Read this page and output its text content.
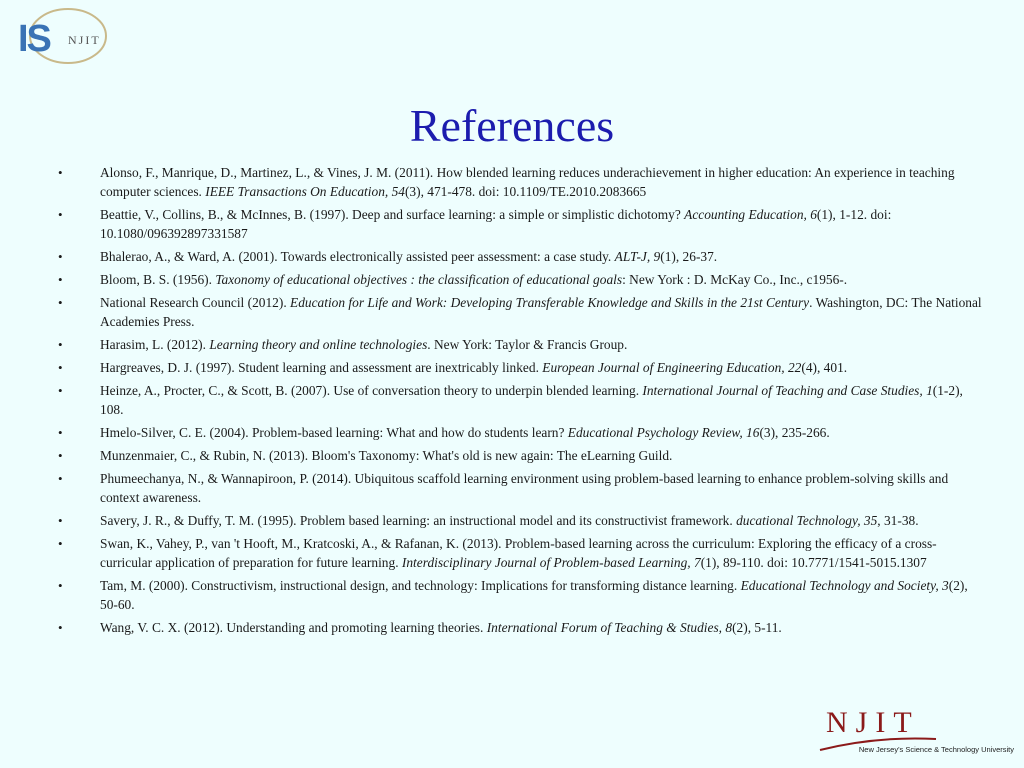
IS NJIT
References
•	Alonso, F., Manrique, D., Martinez, L., & Vines, J. M. (2011). How blended learning reduces underachievement in higher education: An experience in teaching computer sciences. IEEE Transactions On Education, 54(3), 471-478. doi: 10.1109/TE.2010.2083665
•	Beattie, V., Collins, B., & McInnes, B. (1997). Deep and surface learning: a simple or simplistic dichotomy? Accounting Education, 6(1), 1-12. doi: 10.1080/096392897331587
•	Bhalerao, A., & Ward, A. (2001). Towards electronically assisted peer assessment: a case study. ALT-J, 9(1), 26-37.
•	Bloom, B. S. (1956). Taxonomy of educational objectives : the classification of educational goals: New York : D. McKay Co., Inc., c1956-.
•	National Research Council (2012). Education for Life and Work: Developing Transferable Knowledge and Skills in the 21st Century. Washington, DC: The National Academies Press.
•	Harasim, L. (2012). Learning theory and online technologies. New York: Taylor & Francis Group.
•	Hargreaves, D. J. (1997). Student learning and assessment are inextricably linked. European Journal of Engineering Education, 22(4), 401.
•	Heinze, A., Procter, C., & Scott, B. (2007). Use of conversation theory to underpin blended learning. International Journal of Teaching and Case Studies, 1(1-2), 108.
•	Hmelo-Silver, C. E. (2004). Problem-based learning: What and how do students learn? Educational Psychology Review, 16(3), 235-266.
•	Munzenmaier, C., & Rubin, N. (2013). Bloom's Taxonomy: What's old is new again: The eLearning Guild.
•	Phumeechanya, N., & Wannapiroon, P. (2014). Ubiquitous scaffold learning environment using problem-based learning to enhance problem-solving skills and context awareness.
•	Savery, J. R., & Duffy, T. M. (1995). Problem based learning: an instructional model and its constructivist framework. ducational Technology, 35, 31-38.
•	Swan, K., Vahey, P., van 't Hooft, M., Kratcoski, A., & Rafanan, K. (2013). Problem-based learning across the curriculum: Exploring the efficacy of a cross-curricular application of preparation for future learning. Interdisciplinary Journal of Problem-based Learning, 7(1), 89-110. doi: 10.7771/1541-5015.1307
•	Tam, M. (2000). Constructivism, instructional design, and technology: Implications for transforming distance learning. Educational Technology and Society, 3(2), 50-60.
•	Wang, V. C. X. (2012). Understanding and promoting learning theories. International Forum of Teaching & Studies, 8(2), 5-11.
NJIT
New Jersey's Science & Technology University
